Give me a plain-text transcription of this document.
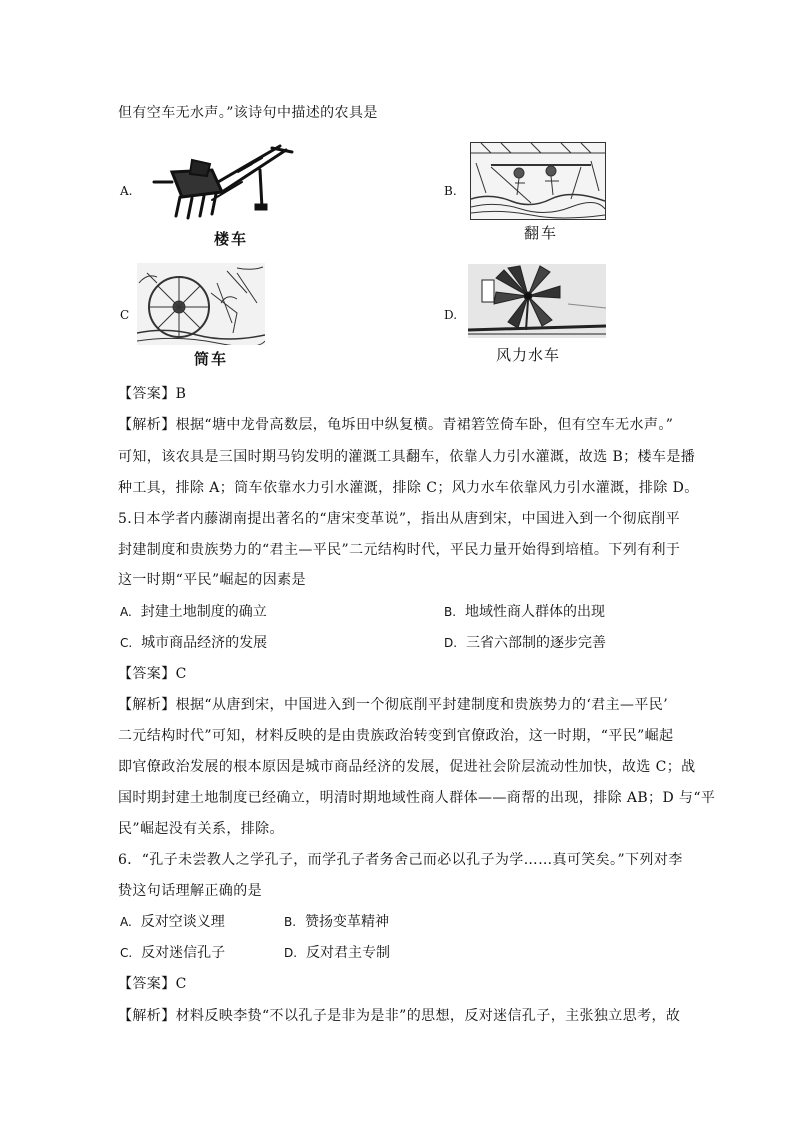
但有空车无水声。”该诗句中描述的农具是
A.
楼车
B.
翻车
C
筒车
D.
风力水车
【答案】B
【解析】根据“塘中龙骨高数层，龟坼田中纵复横。青裙箬笠倚车卧，但有空车无水声。”
可知，该农具是三国时期马钧发明的灌溉工具翻车，依靠人力引水灌溉，故选 B；楼车是播
种工具，排除 A；筒车依靠水力引水灌溉，排除 C；风力水车依靠风力引水灌溉，排除 D。
5.日本学者内藤湖南提出著名的“唐宋变革说”，指出从唐到宋，中国进入到一个彻底削平
封建制度和贵族势力的“君主—平民”二元结构时代，平民力量开始得到培植。下列有利于
这一时期“平民”崛起的因素是
A. 封建土地制度的确立	B. 地域性商人群体的出现
C. 城市商品经济的发展	D. 三省六部制的逐步完善
【答案】C
【解析】根据“从唐到宋，中国进入到一个彻底削平封建制度和贵族势力的‘君主—平民’
二元结构时代”可知，材料反映的是由贵族政治转变到官僚政治，这一时期，“平民”崛起
即官僚政治发展的根本原因是城市商品经济的发展，促进社会阶层流动性加快，故选 C；战
国时期封建土地制度已经确立，明清时期地域性商人群体——商帮的出现，排除 AB；D 与“平
民”崛起没有关系，排除。
6．“孔子未尝教人之学孔子，而学孔子者务舍己而必以孔子为学……真可笑矣。”下列对李
贽这句话理解正确的是
A. 反对空谈义理	B. 赞扬变革精神
C. 反对迷信孔子	D. 反对君主专制
【答案】C
【解析】材料反映李贽“不以孔子是非为是非”的思想，反对迷信孔子，主张独立思考，故
